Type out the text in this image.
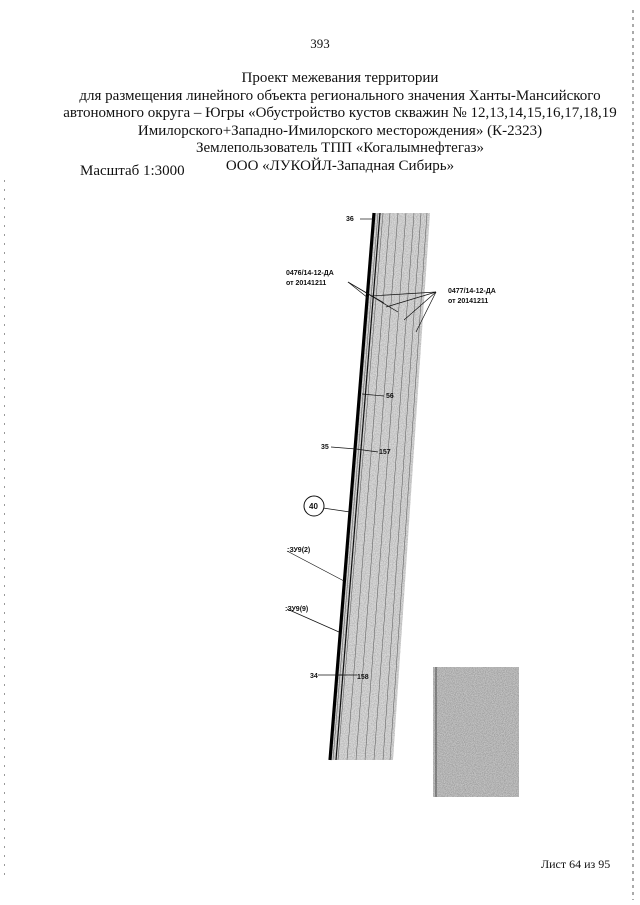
393
Проект межевания территории
для размещения линейного объекта регионального значения Ханты-Мансийского
автономного округа – Югры «Обустройство кустов скважин № 12,13,14,15,16,17,18,19
Имилорского+Западно-Имилорского месторождения» (К-2323)
Землепользователь ТПП «Когалымнефтегаз»
ООО «ЛУКОЙЛ-Западная Сибирь»
Масштаб 1:3000
36
0476/14-12-ДА
от 20141211
0477/14-12-ДА
от 20141211
56
35
157
40
:ЗУ9(2)
:ЗУ9(9)
34	158
Лист 64 из 95
